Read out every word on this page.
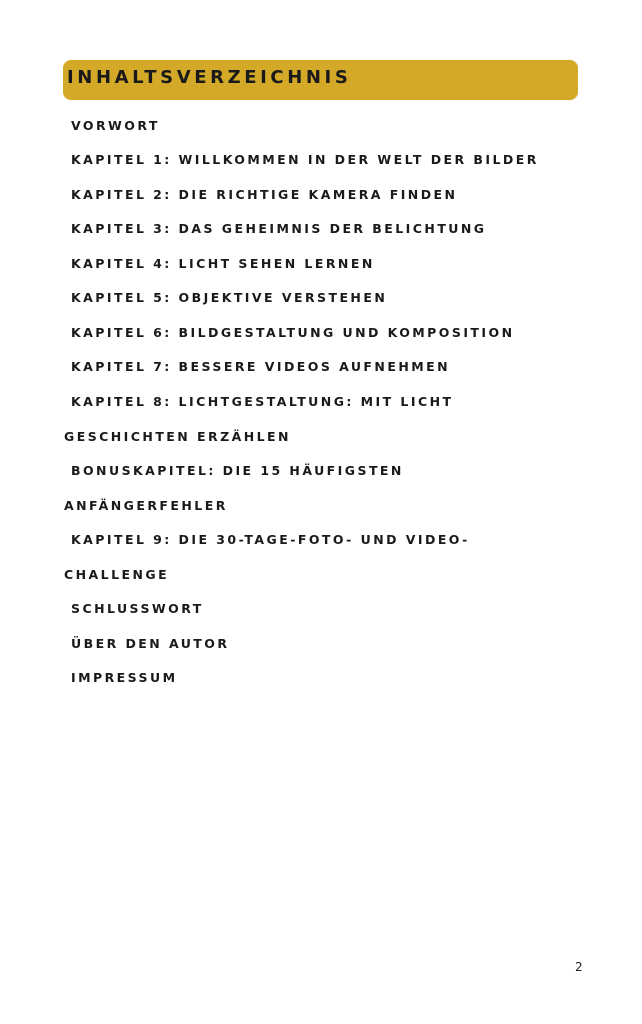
INHALTSVERZEICHNIS
VORWORT
KAPITEL 1: WILLKOMMEN IN DER WELT DER BILDER
KAPITEL 2: DIE RICHTIGE KAMERA FINDEN
KAPITEL 3: DAS GEHEIMNIS DER BELICHTUNG
KAPITEL 4: LICHT SEHEN LERNEN
KAPITEL 5: OBJEKTIVE VERSTEHEN
KAPITEL 6: BILDGESTALTUNG UND KOMPOSITION
KAPITEL 7: BESSERE VIDEOS AUFNEHMEN
KAPITEL 8: LICHTGESTALTUNG: MIT LICHT
GESCHICHTEN ERZÄHLEN
BONUSKAPITEL: DIE 15 HÄUFIGSTEN
ANFÄNGERFEHLER
KAPITEL 9: DIE 30-TAGE-FOTO- UND VIDEO-
CHALLENGE
SCHLUSSWORT
ÜBER DEN AUTOR
IMPRESSUM
2
